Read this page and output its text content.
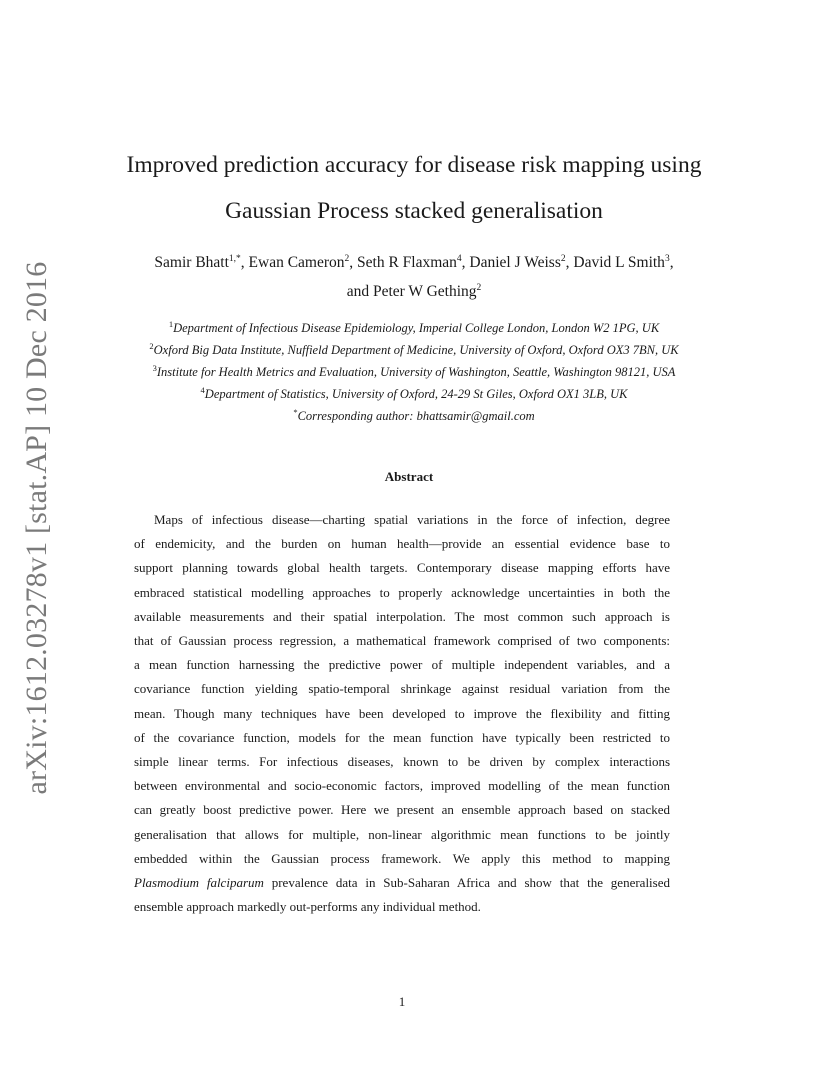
arXiv:1612.03278v1 [stat.AP] 10 Dec 2016
Improved prediction accuracy for disease risk mapping using
Gaussian Process stacked generalisation
Samir Bhatt$^{1,*}$, Ewan Cameron$^2$, Seth R Flaxman$^4$, Daniel J Weiss$^2$, David L Smith$^3$,
and Peter W Gething$^2$
$^1$Department of Infectious Disease Epidemiology, Imperial College London, London W2 1PG, UK
$^2$Oxford Big Data Institute, Nuffield Department of Medicine, University of Oxford, Oxford OX3 7BN, UK
$^3$Institute for Health Metrics and Evaluation, University of Washington, Seattle, Washington 98121, USA
$^4$Department of Statistics, University of Oxford, 24-29 St Giles, Oxford OX1 3LB, UK
*Corresponding author: bhattsamir@gmail.com
Abstract
Maps of infectious disease—charting spatial variations in the force of infection, degree
of endemicity, and the burden on human health—provide an essential evidence base to
support planning towards global health targets. Contemporary disease mapping efforts have
embraced statistical modelling approaches to properly acknowledge uncertainties in both the
available measurements and their spatial interpolation. The most common such approach is
that of Gaussian process regression, a mathematical framework comprised of two components:
a mean function harnessing the predictive power of multiple independent variables, and a
covariance function yielding spatio-temporal shrinkage against residual variation from the
mean. Though many techniques have been developed to improve the flexibility and fitting
of the covariance function, models for the mean function have typically been restricted to
simple linear terms. For infectious diseases, known to be driven by complex interactions
between environmental and socio-economic factors, improved modelling of the mean function
can greatly boost predictive power. Here we present an ensemble approach based on stacked
generalisation that allows for multiple, non-linear algorithmic mean functions to be jointly
embedded within the Gaussian process framework. We apply this method to mapping
Plasmodium falciparum prevalence data in Sub-Saharan Africa and show that the generalised
ensemble approach markedly out-performs any individual method.
1
